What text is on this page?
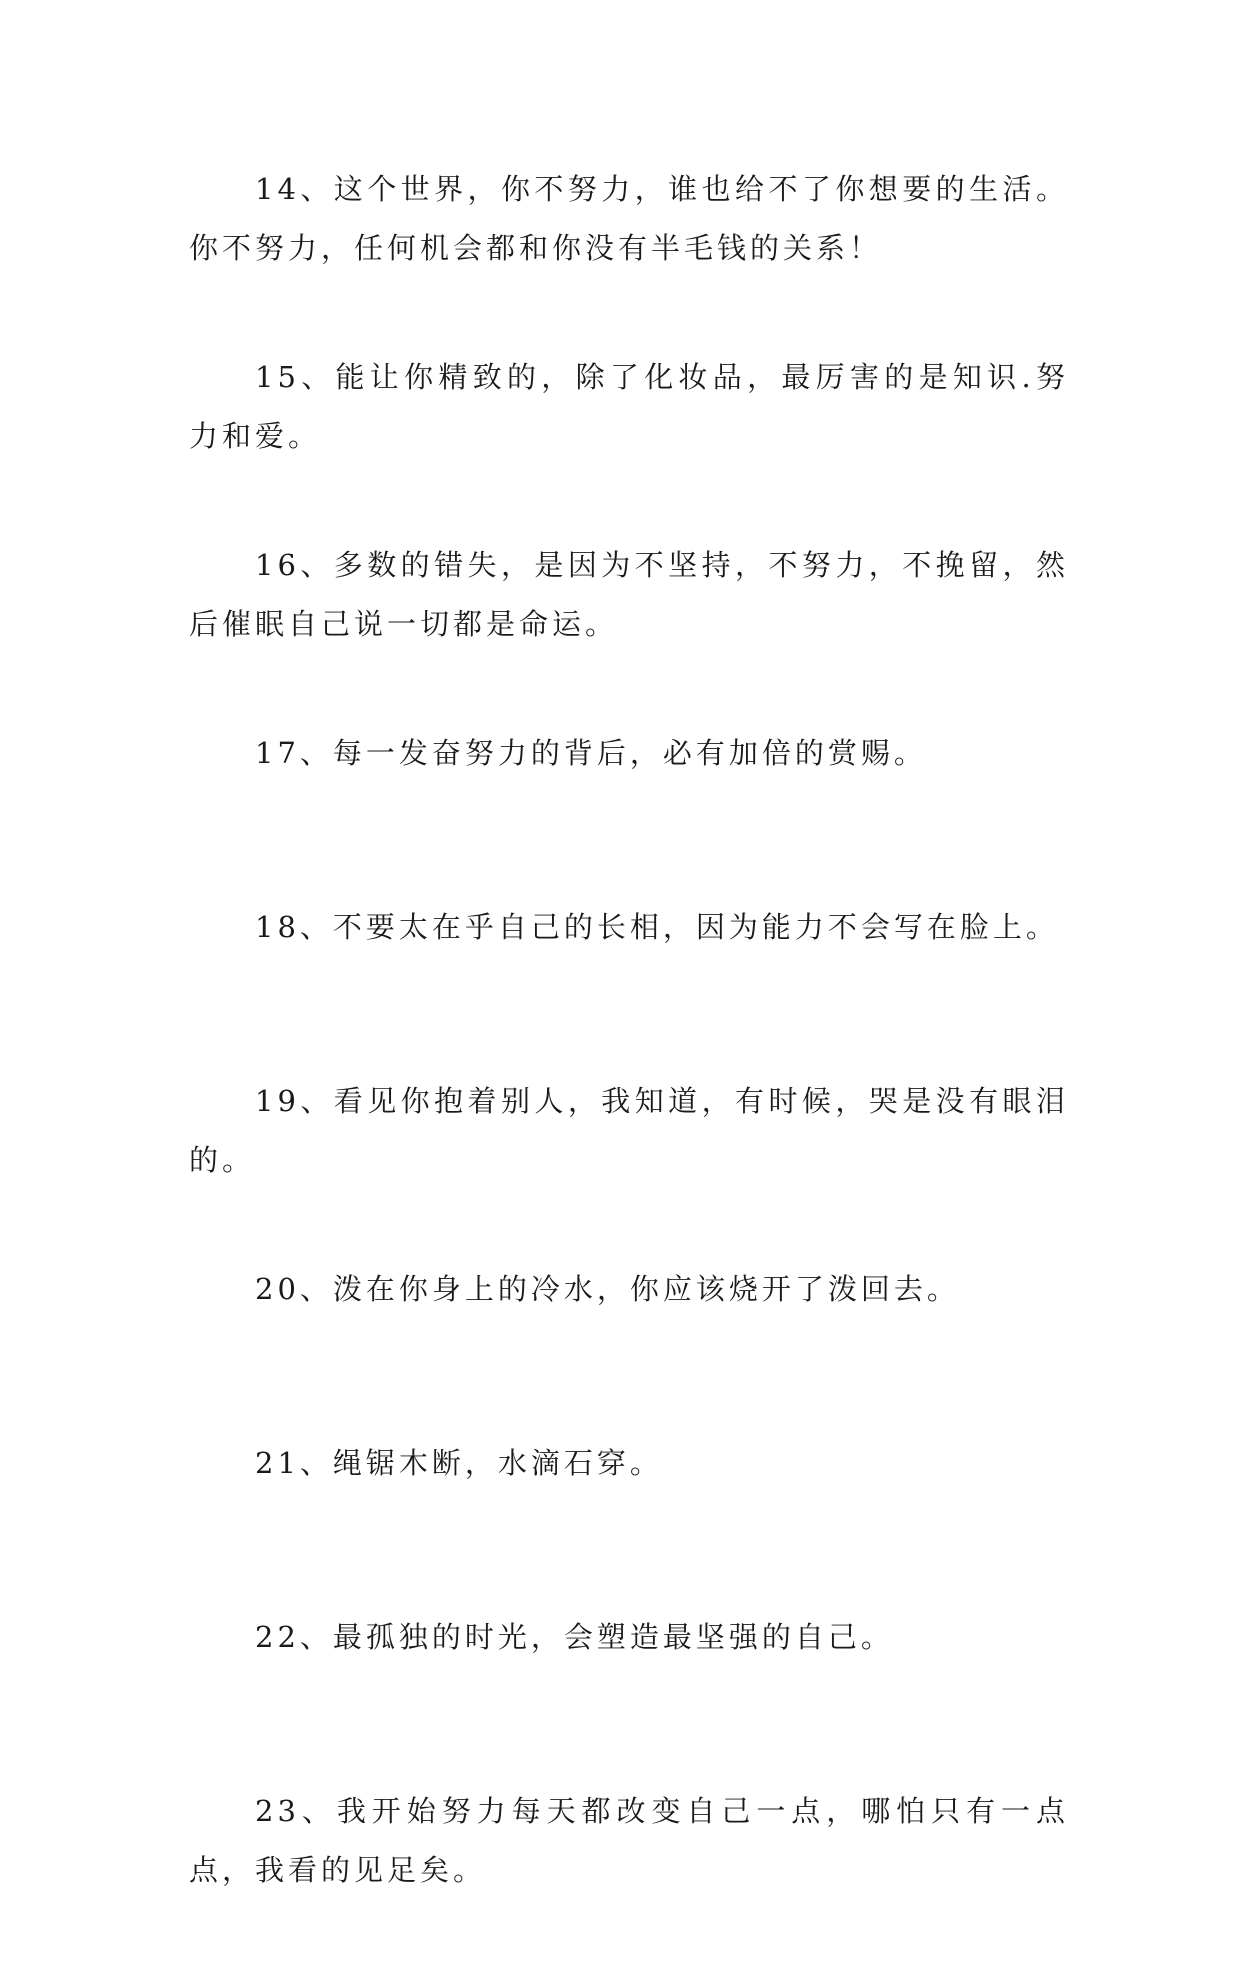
14、这个世界，你不努力，谁也给不了你想要的生活。你不努力，任何机会都和你没有半毛钱的关系！

15、能让你精致的，除了化妆品，最厉害的是知识.努力和爱。

16、多数的错失，是因为不坚持，不努力，不挽留，然后催眠自己说一切都是命运。

17、每一发奋努力的背后，必有加倍的赏赐。

18、不要太在乎自己的长相，因为能力不会写在脸上。

19、看见你抱着别人，我知道，有时候，哭是没有眼泪的。

20、泼在你身上的冷水，你应该烧开了泼回去。

21、绳锯木断，水滴石穿。

22、最孤独的时光，会塑造最坚强的自己。

23、我开始努力每天都改变自己一点，哪怕只有一点点，我看的见足矣。
